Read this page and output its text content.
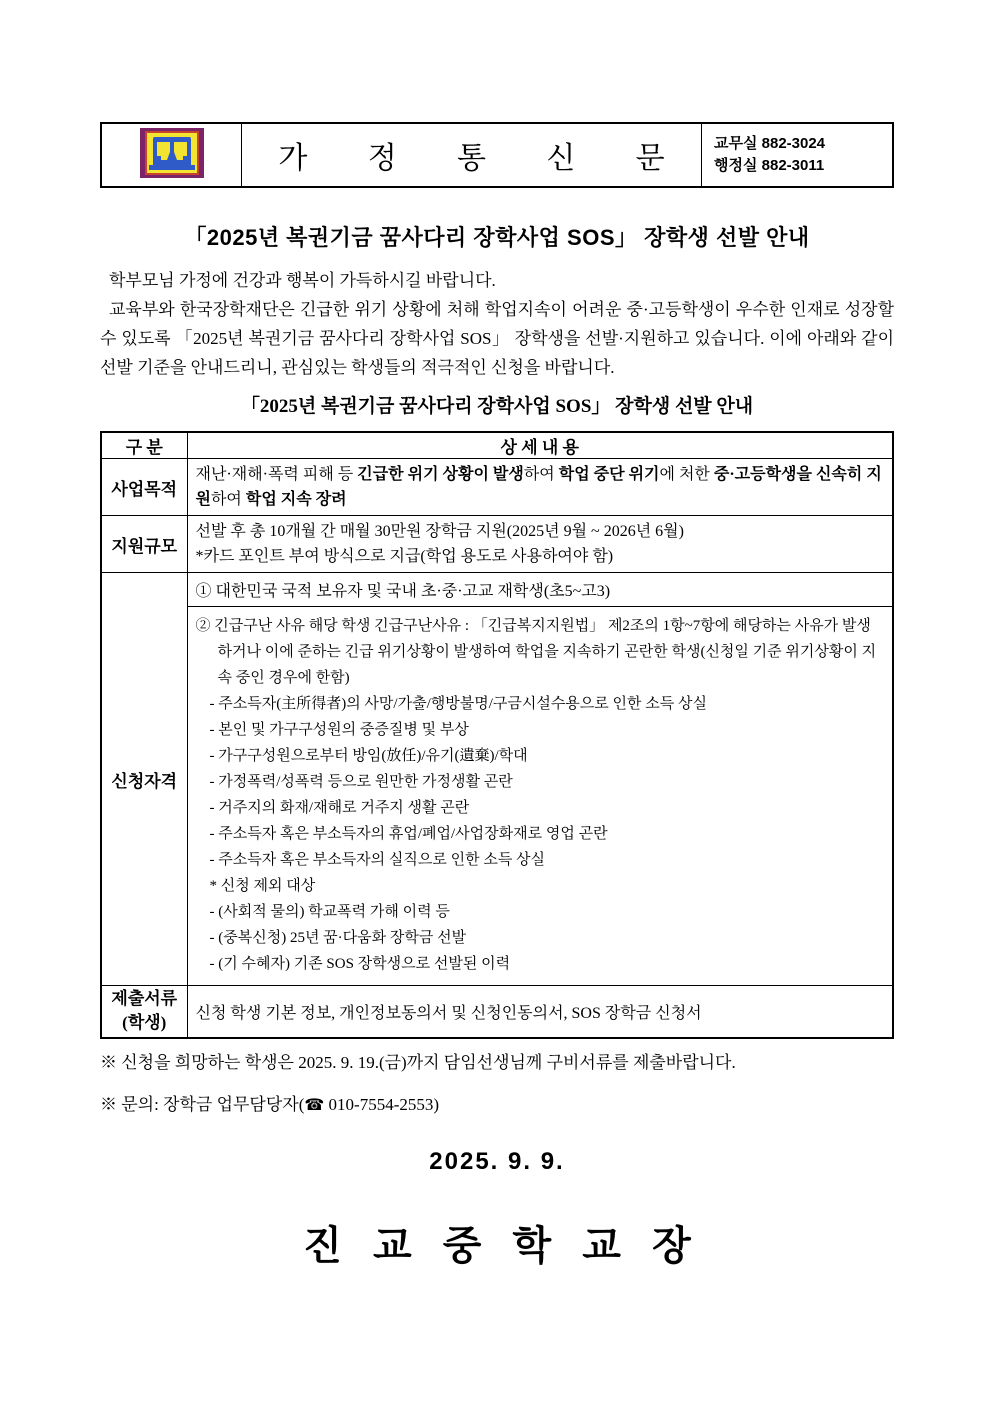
가 정 통 신 문	교무실 882-3024
행정실 882-3011
「2025년 복권기금 꿈사다리 장학사업 SOS」 장학생 선발 안내

학부모님 가정에 건강과 행복이 가득하시길 바랍니다.

교육부와 한국장학재단은 긴급한 위기 상황에 처해 학업지속이 어려운 중·고등학생이 우수한 인재로 성장할 수 있도록 「2025년 복권기금 꿈사다리 장학사업 SOS」 장학생을 선발·지원하고 있습니다. 이에 아래와 같이 선발 기준을 안내드리니, 관심있는 학생들의 적극적인 신청을 바랍니다.

「2025년 복권기금 꿈사다리 장학사업 SOS」 장학생 선발 안내
구 분	상 세 내 용
사업목적	재난·재해·폭력 피해 등 긴급한 위기 상황이 발생하여 학업 중단 위기에 처한 중·고등학생을 신속히 지원하여 학업 지속 장려
지원규모	선발 후 총 10개월 간 매월 30만원 장학금 지원(2025년 9월 ~ 2026년 6월)
*카드 포인트 부여 방식으로 지급(학업 용도로 사용하여야 함)

신청자격	① 대한민국 국적 보유자 및 국내 초·중·고교 재학생(초5~고3)

② 긴급구난 사유 해당 학생 긴급구난사유 : 「긴급복지지원법」 제2조의 1항~7항에 해당하는 사유가 발생하거나 이에 준하는 긴급 위기상황이 발생하여 학업을 지속하기 곤란한 학생(신청일 기준 위기상황이 지속 중인 경우에 한함)
- 주소득자(主所得者)의 사망/가출/행방불명/구금시설수용으로 인한 소득 상실
- 본인 및 가구구성원의 중증질병 및 부상
- 가구구성원으로부터 방임(放任)/유기(遺棄)/학대
- 가정폭력/성폭력 등으로 원만한 가정생활 곤란
- 거주지의 화재/재해로 거주지 생활 곤란
- 주소득자 혹은 부소득자의 휴업/폐업/사업장화재로 영업 곤란
- 주소득자 혹은 부소득자의 실직으로 인한 소득 상실
* 신청 제외 대상
- (사회적 물의) 학교폭력 가해 이력 등
- (중복신청) 25년 꿈·다움화 장학금 선발
- (기 수혜자) 기존 SOS 장학생으로 선발된 이력

제출서류
(학생)	신청 학생 기본 정보, 개인정보동의서 및 신청인동의서, SOS 장학금 신청서
※ 신청을 희망하는 학생은 2025. 9. 19.(금)까지 담임선생님께 구비서류를 제출바랍니다.
※ 문의: 장학금 업무담당자(☎ 010-7554-2553)
2025. 9. 9.
진 교 중 학 교 장
